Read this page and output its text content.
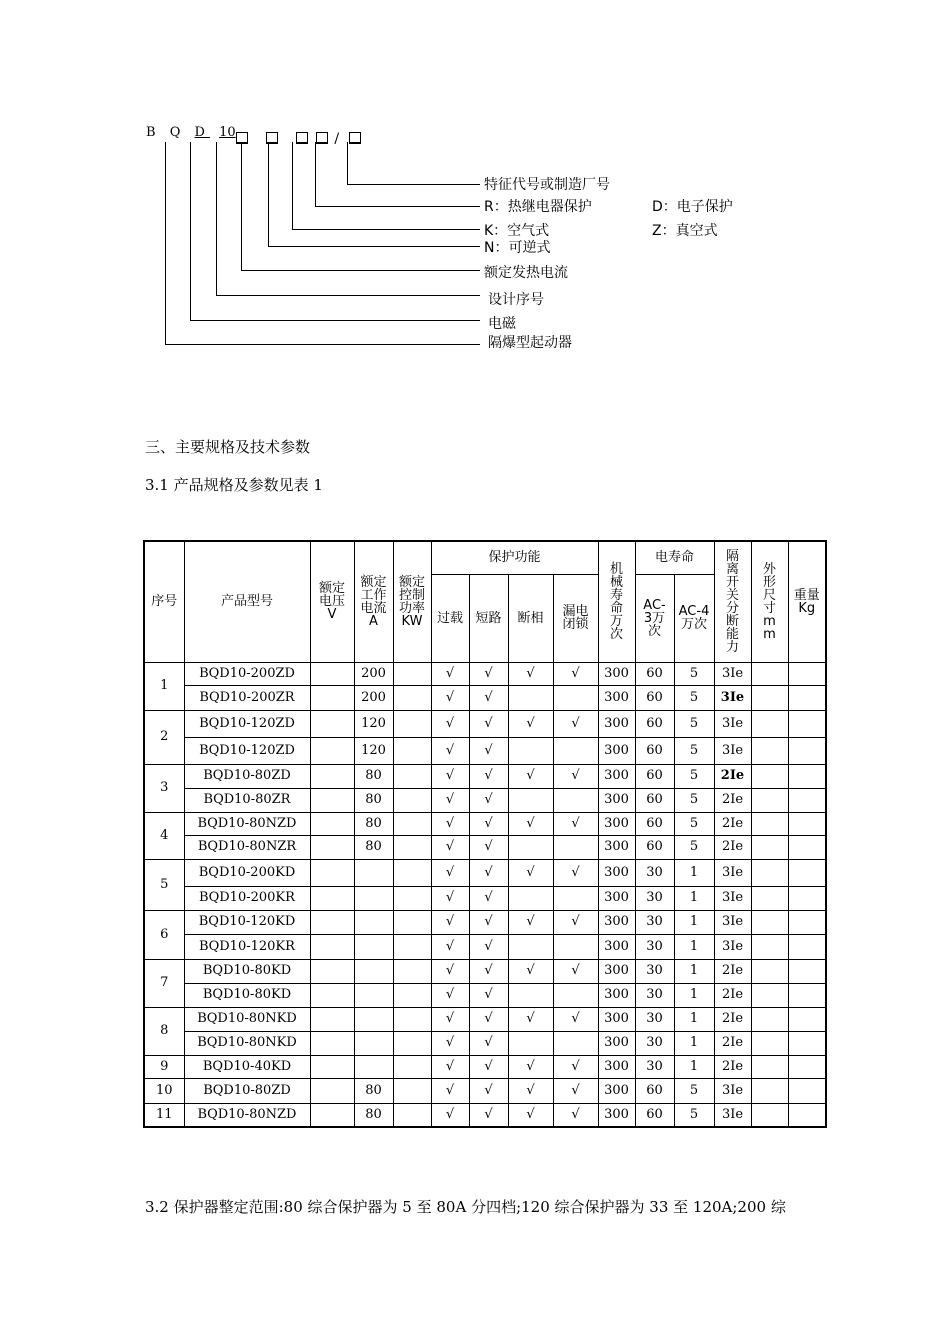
B Q D 10-	/
特征代号或制造厂号
R：热继电器保护	D：电子保护
K：空气式	Z：真空式
N：可逆式
额定发热电流
设计序号
电磁
隔爆型起动器
三、主要规格及技术参数
3.1 产品规格及参数见表 1
序号	产品型号	额定电压V	额定工作电流A	额定控制功率KW	保护功能				机械寿命万次	电寿命		隔离开关分断能力	外形尺寸mm	重量Kg

					过载	短路	断相	漏电闭锁		AC-3万次	AC-4万次			

1	BQD10-200ZD		200		√	√	√	√	300	60	5	3Ie		
	BQD10-200ZR		200		√	√			300	60	5	3Ie		
2	BQD10-120ZD		120		√	√	√	√	300	60	5	3Ie		
	BQD10-120ZD		120		√	√			300	60	5	3Ie		
3	BQD10-80ZD		80		√	√	√	√	300	60	5	2Ie		
	BQD10-80ZR		80		√	√			300	60	5	2Ie		
4	BQD10-80NZD		80		√	√	√	√	300	60	5	2Ie		
	BQD10-80NZR		80		√	√			300	60	5	2Ie		
5	BQD10-200KD				√	√	√	√	300	30	1	3Ie		
	BQD10-200KR				√	√			300	30	1	3Ie		
6	BQD10-120KD				√	√	√	√	300	30	1	3Ie		
	BQD10-120KR				√	√			300	30	1	3Ie		
7	BQD10-80KD				√	√	√	√	300	30	1	2Ie		
	BQD10-80KD				√	√			300	30	1	2Ie		
8	BQD10-80NKD				√	√	√	√	300	30	1	2Ie		
	BQD10-80NKD				√	√			300	30	1	2Ie		
9	BQD10-40KD				√	√	√	√	300	30	1	2Ie		
10	BQD10-80ZD		80		√	√	√	√	300	60	5	3Ie		
11	BQD10-80NZD		80		√	√	√	√	300	60	5	3Ie		
3.2 保护器整定范围:80 综合保护器为 5 至 80A 分四档;120 综合保护器为 33 至 120A;200 综
